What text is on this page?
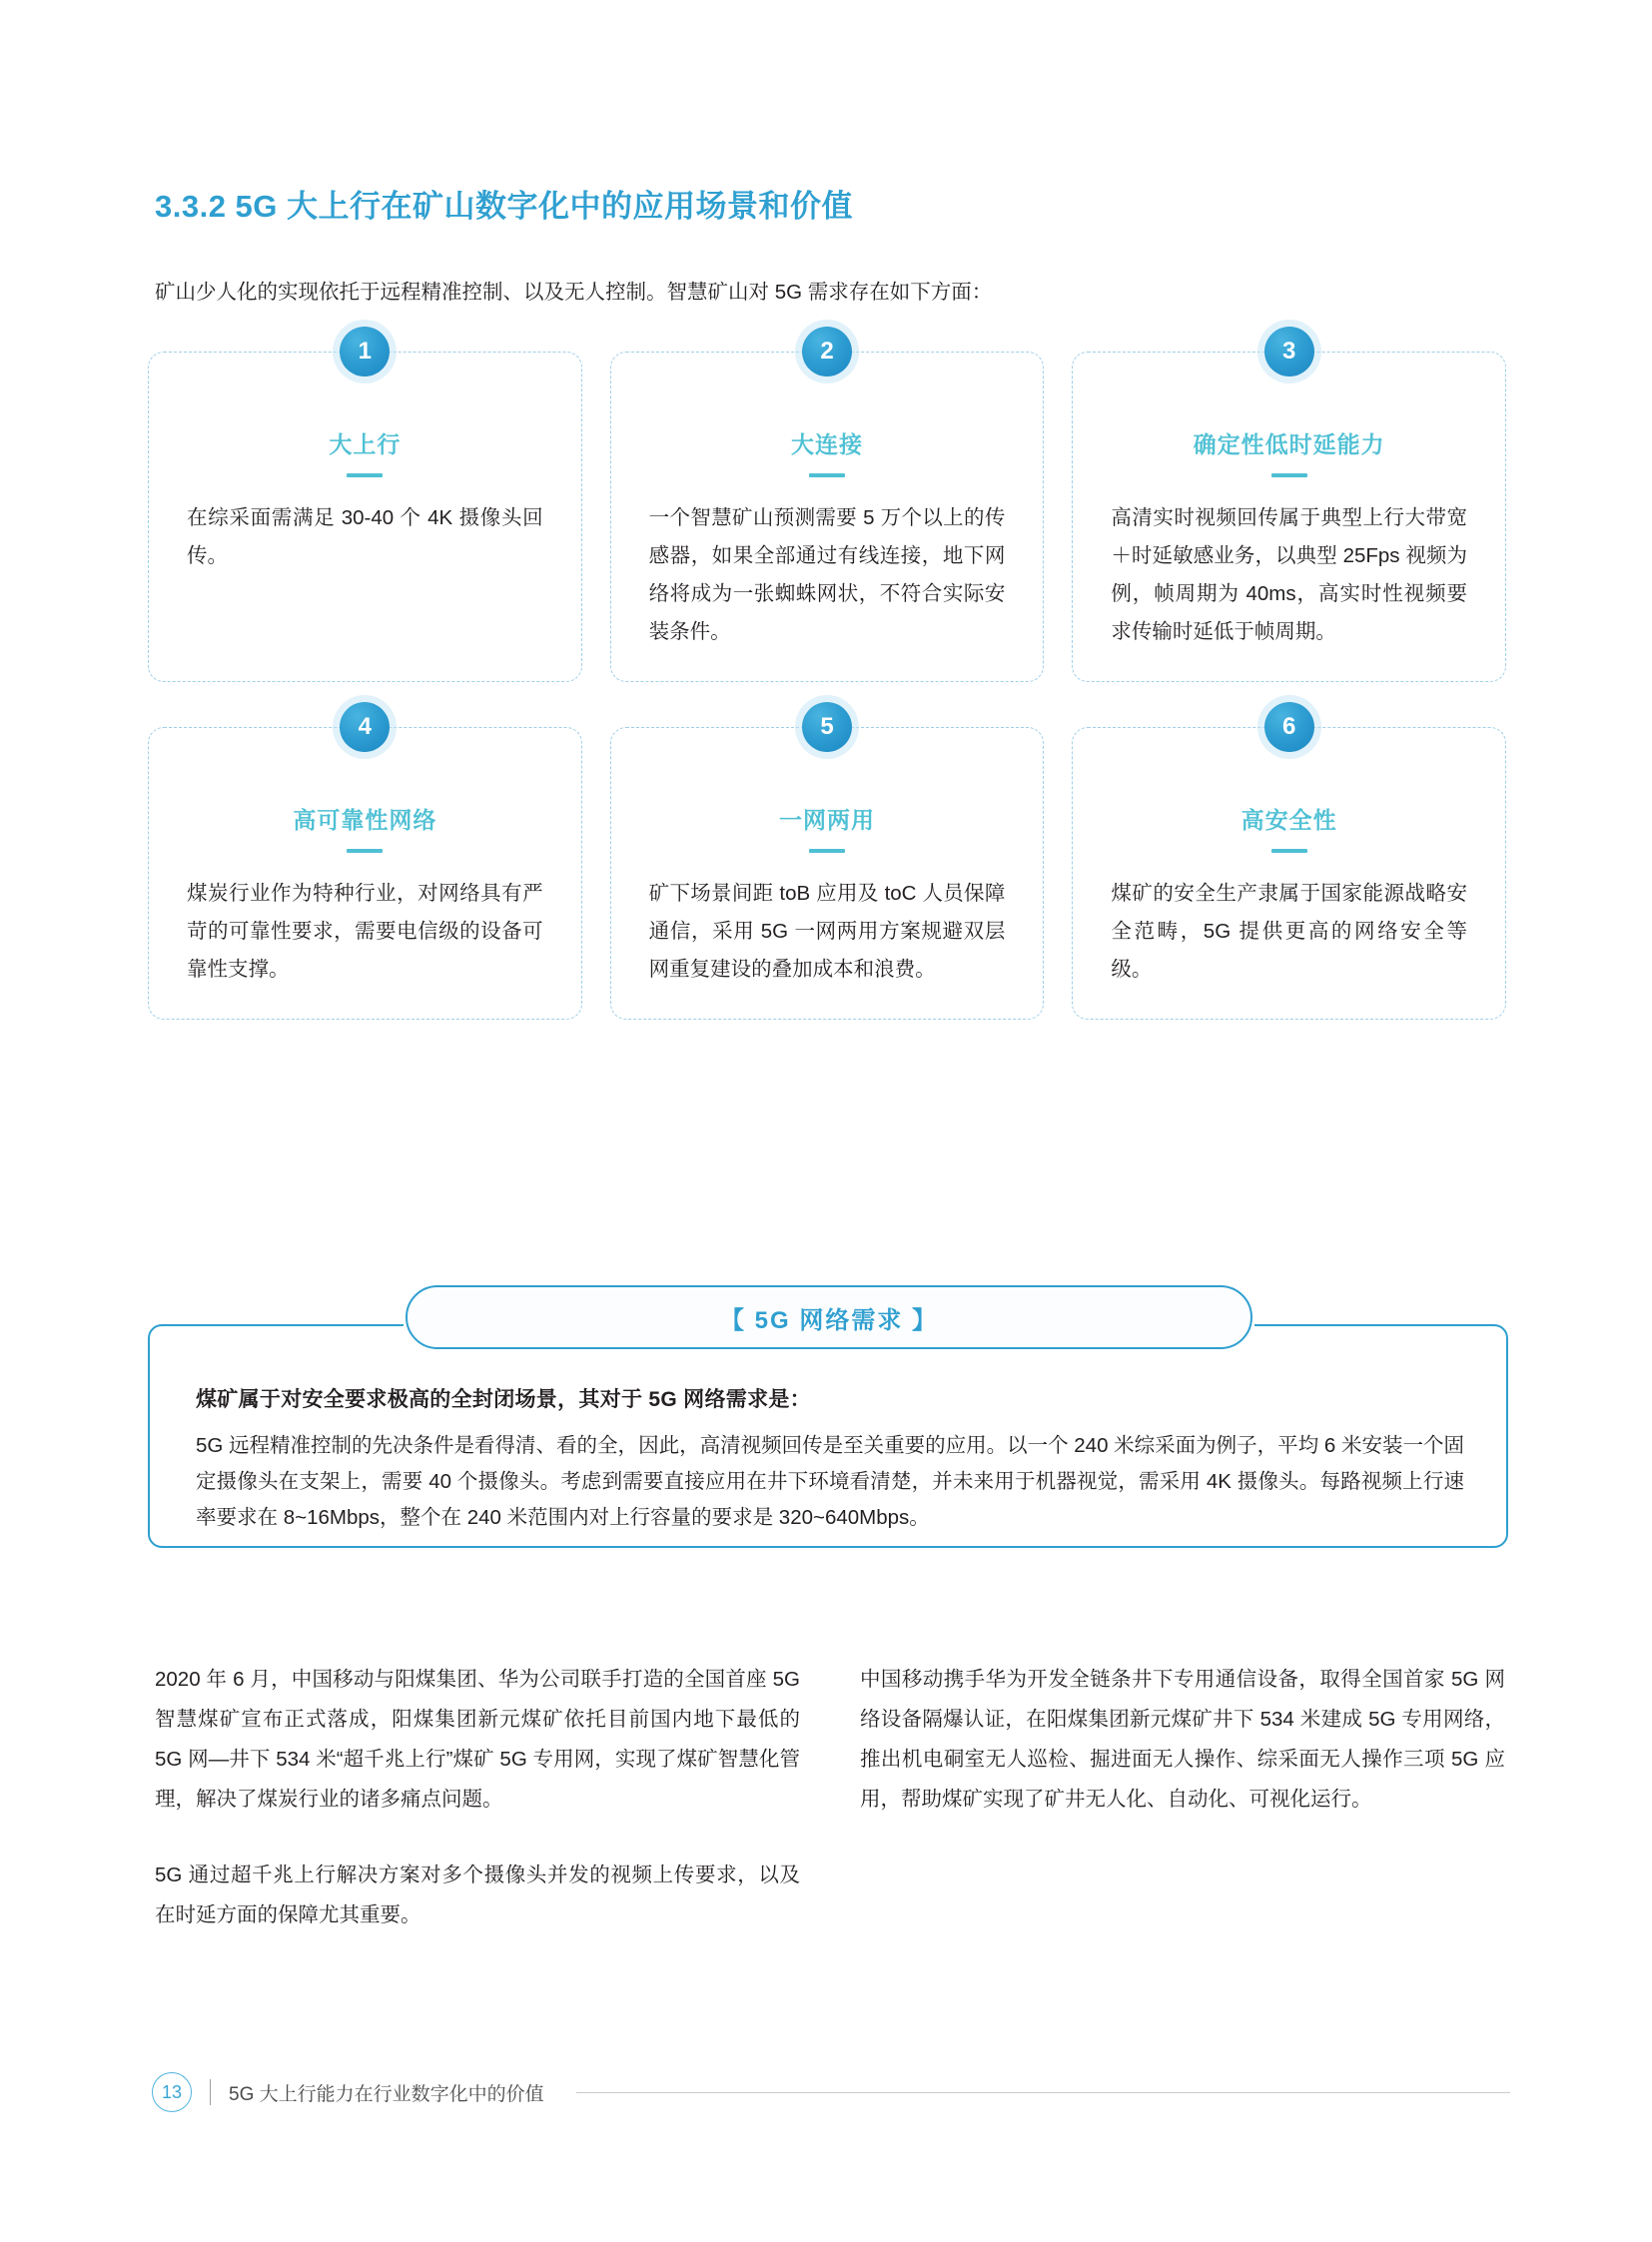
3.3.2 5G 大上行在矿山数字化中的应用场景和价值
矿山少人化的实现依托于远程精准控制、以及无人控制。智慧矿山对 5G 需求存在如下方面：
1
大上行
在综采面需满足 30-40 个 4K 摄像头回传。
2
大连接
一个智慧矿山预测需要 5 万个以上的传感器，如果全部通过有线连接，地下网络将成为一张蜘蛛网状，不符合实际安装条件。
3
确定性低时延能力
高清实时视频回传属于典型上行大带宽＋时延敏感业务，以典型 25Fps 视频为例，帧周期为 40ms，高实时性视频要求传输时延低于帧周期。
4
高可靠性网络
煤炭行业作为特种行业，对网络具有严苛的可靠性要求，需要电信级的设备可靠性支撑。
5
一网两用
矿下场景间距 toB 应用及 toC 人员保障通信，采用 5G 一网两用方案规避双层网重复建设的叠加成本和浪费。
6
高安全性
煤矿的安全生产隶属于国家能源战略安全范畴，5G 提供更高的网络安全等级。
【 5G 网络需求 】
煤矿属于对安全要求极高的全封闭场景，其对于 5G 网络需求是：
5G 远程精准控制的先决条件是看得清、看的全，因此，高清视频回传是至关重要的应用。以一个 240 米综采面为例子，平均 6 米安装一个固定摄像头在支架上，需要 40 个摄像头。考虑到需要直接应用在井下环境看清楚，并未来用于机器视觉，需采用 4K 摄像头。每路视频上行速率要求在 8~16Mbps，整个在 240 米范围内对上行容量的要求是 320~640Mbps。

2020 年 6 月，中国移动与阳煤集团、华为公司联手打造的全国首座 5G 智慧煤矿宣布正式落成，阳煤集团新元煤矿依托目前国内地下最低的 5G 网—井下 534 米“超千兆上行”煤矿 5G 专用网，实现了煤矿智慧化管理，解决了煤炭行业的诸多痛点问题。

5G 通过超千兆上行解决方案对多个摄像头并发的视频上传要求，以及在时延方面的保障尤其重要。

中国移动携手华为开发全链条井下专用通信设备，取得全国首家 5G 网络设备隔爆认证，在阳煤集团新元煤矿井下 534 米建成 5G 专用网络，推出机电硐室无人巡检、掘进面无人操作、综采面无人操作三项 5G 应用，帮助煤矿实现了矿井无人化、自动化、可视化运行。

13	5G 大上行能力在行业数字化中的价值
